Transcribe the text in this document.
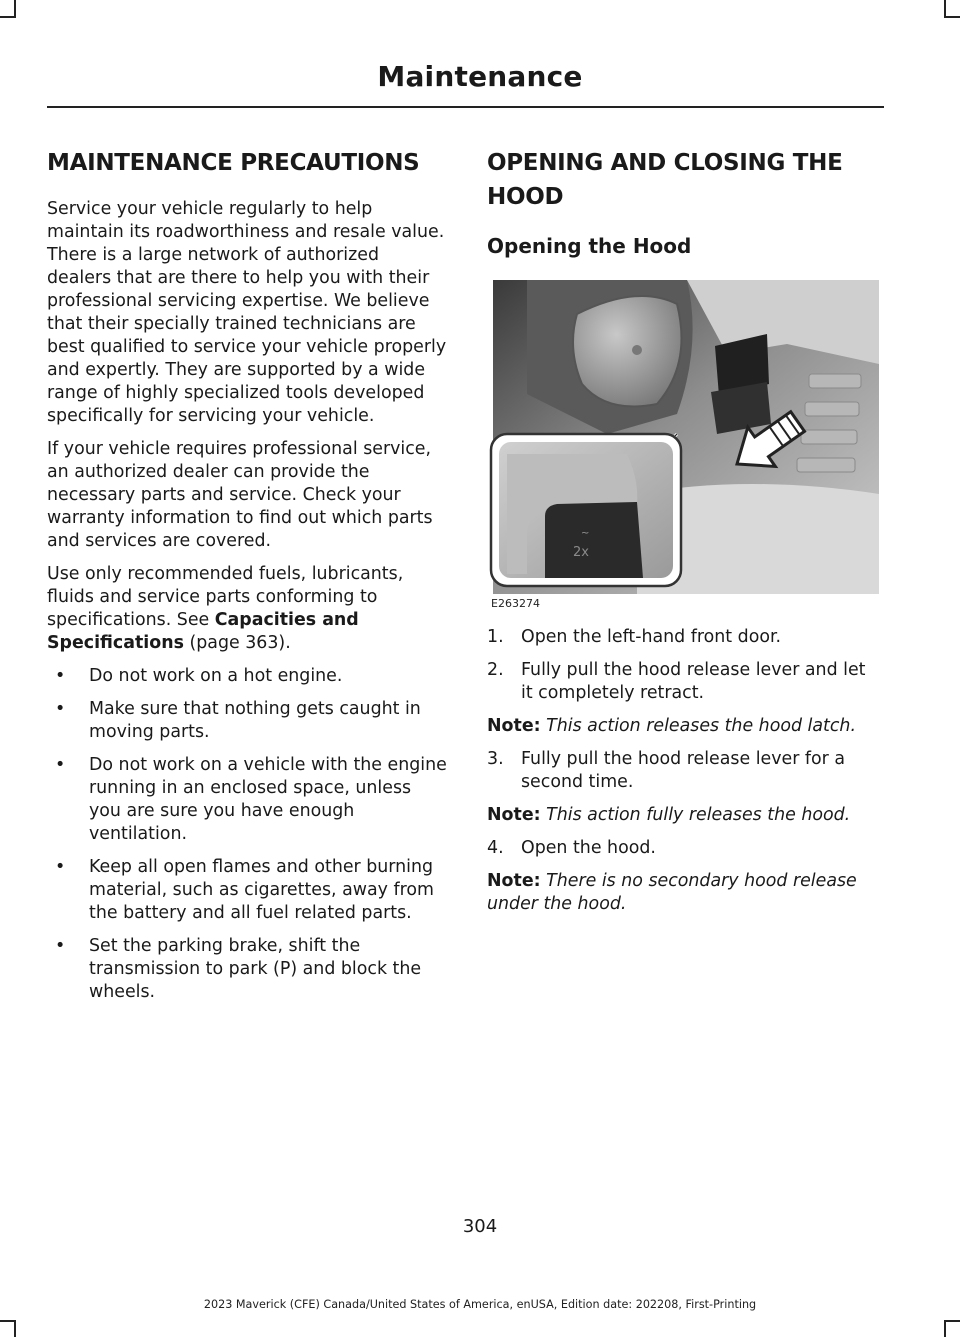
Maintenance
MAINTENANCE PRECAUTIONS

Service your vehicle regularly to help maintain its roadworthiness and resale value. There is a large network of authorized dealers that are there to help you with their professional servicing expertise. We believe that their specially trained technicians are best qualified to service your vehicle properly and expertly. They are supported by a wide range of highly specialized tools developed specifically for servicing your vehicle.

If your vehicle requires professional service, an authorized dealer can provide the necessary parts and service. Check your warranty information to find out which parts and services are covered.

Use only recommended fuels, lubricants, fluids and service parts conforming to specifications. See Capacities and Specifications (page 363).

• Do not work on a hot engine.
• Make sure that nothing gets caught in moving parts.
• Do not work on a vehicle with the engine running in an enclosed space, unless you are sure you have enough ventilation.
• Keep all open flames and other burning material, such as cigarettes, away from the battery and all fuel related parts.
• Set the parking brake, shift the transmission to park (P) and block the wheels.
OPENING AND CLOSING THE HOOD
Opening the Hood
~
2x
E263274
1. Open the left-hand front door.
2. Fully pull the hood release lever and let it completely retract.

Note: This action releases the hood latch.

3. Fully pull the hood release lever for a second time.

Note: This action fully releases the hood.

4. Open the hood.

Note: There is no secondary hood release under the hood.

304
2023 Maverick (CFE) Canada/United States of America, enUSA, Edition date: 202208, First-Printing
